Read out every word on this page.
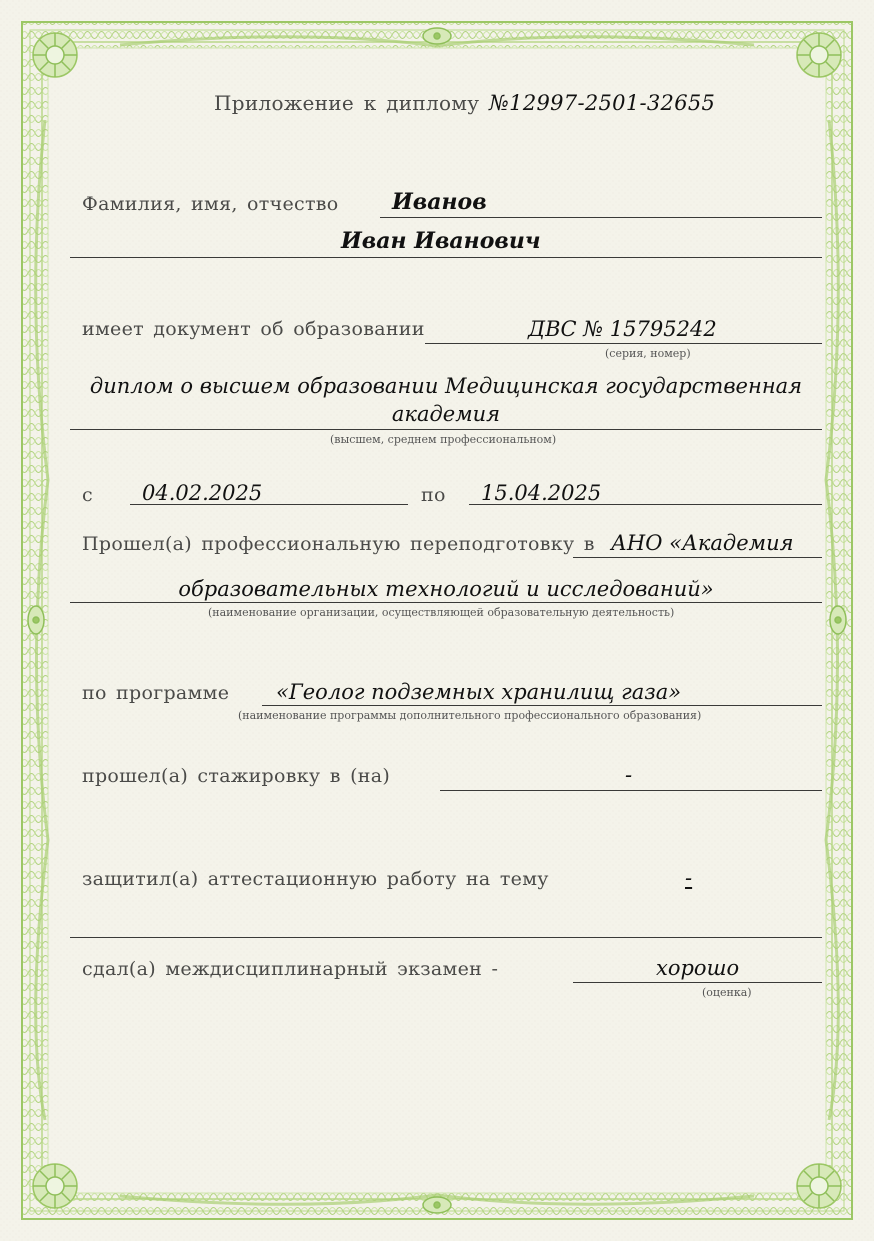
Приложение к диплому №12997-2501-32655
Фамилия, имя, отчество Иванов
Иван Иванович
имеет документ об образовании	ДВС № 15795242
(серия, номер)
диплом о высшем образовании Медицинская государственная
академия
(высшем, среднем профессиональном)
с 04.02.2025	по 15.04.2025
Прошел(а) профессиональную переподготовку в АНО «Академия
образовательных технологий и исследований»
(наименование организации, осуществляющей образовательную деятельность)
по программе «Геолог подземных хранилищ газа»
(наименование программы дополнительного профессионального образования)
прошел(а) стажировку в (на)	-
защитил(а) аттестационную работу на тему	-
сдал(а) междисциплинарный экзамен -	хорошо
(оценка)
